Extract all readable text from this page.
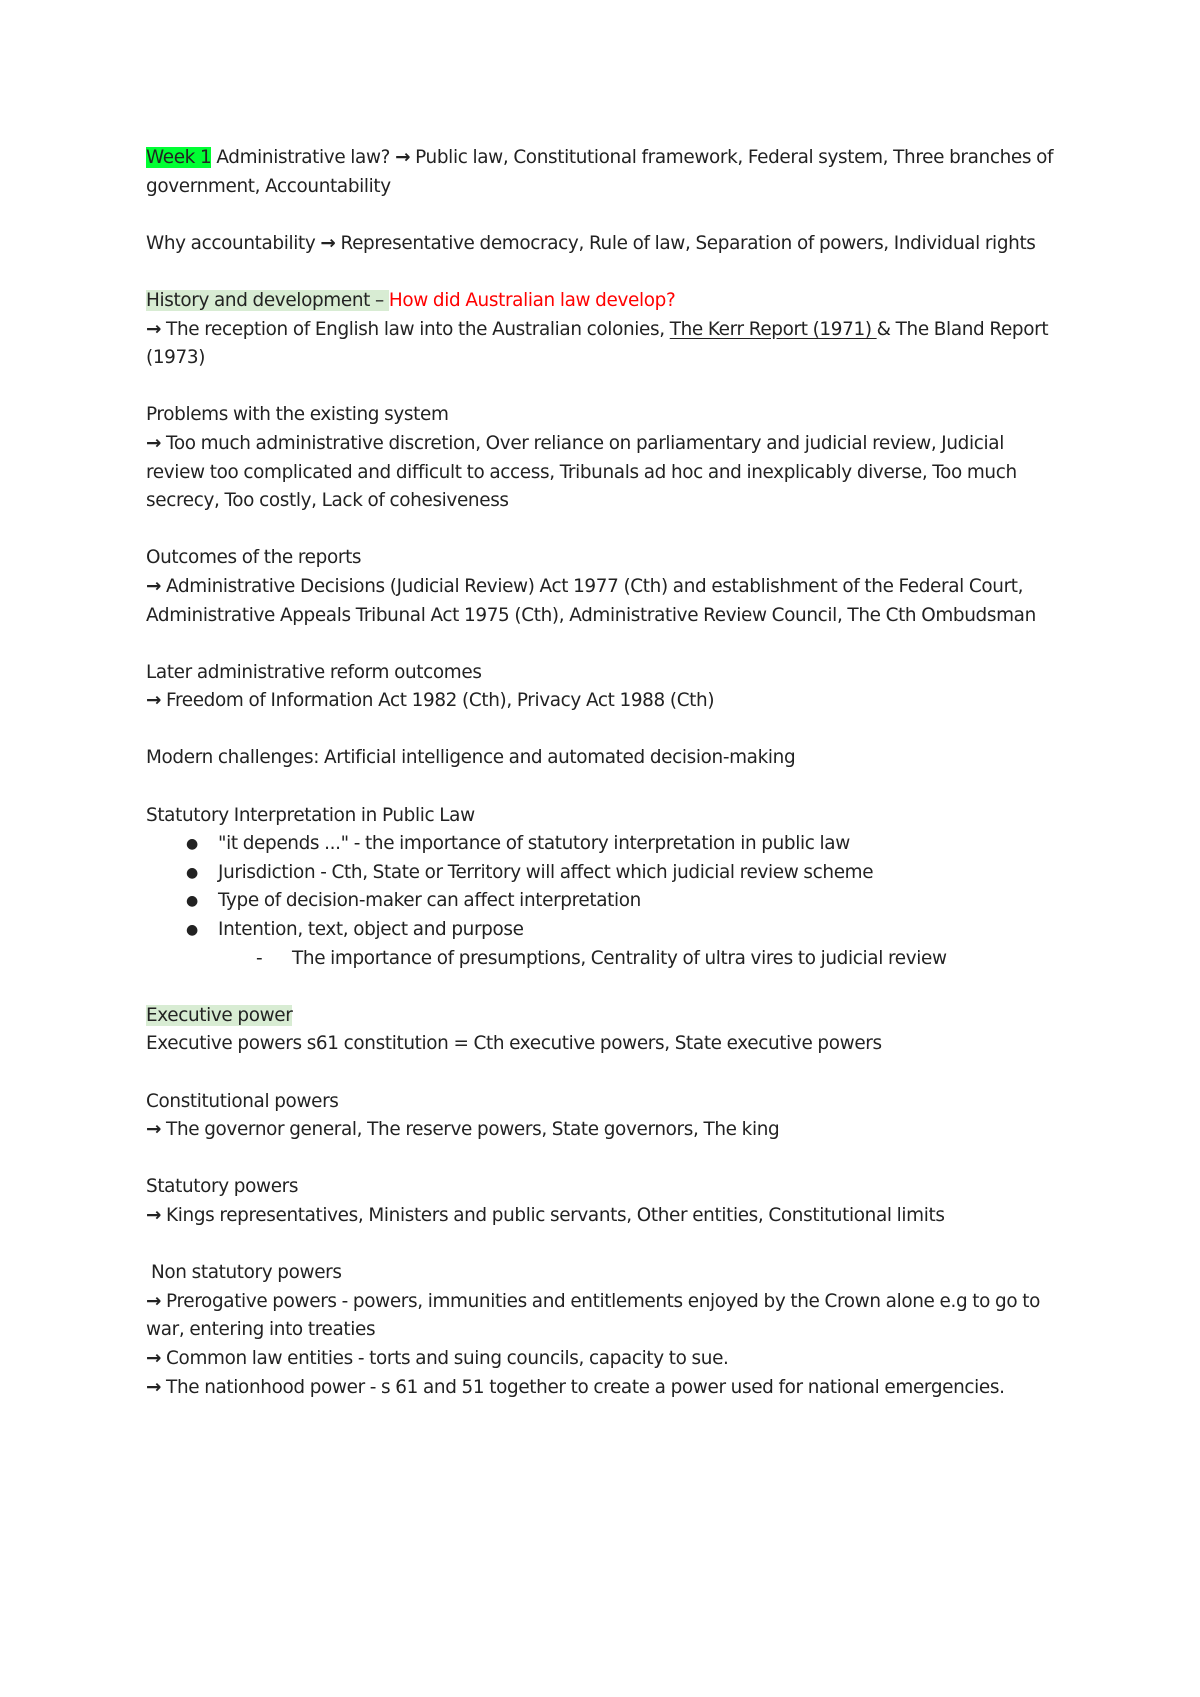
Week 1 Administrative law? → Public law, Constitutional framework, Federal system, Three branches of government, Accountability

Why accountability → Representative democracy, Rule of law, Separation of powers, Individual rights

History and development – How did Australian law develop?
→ The reception of English law into the Australian colonies, The Kerr Report (1971) & The Bland Report (1973)

Problems with the existing system
→ Too much administrative discretion, Over reliance on parliamentary and judicial review, Judicial review too complicated and difficult to access, Tribunals ad hoc and inexplicably diverse, Too much secrecy, Too costly, Lack of cohesiveness

Outcomes of the reports
→ Administrative Decisions (Judicial Review) Act 1977 (Cth) and establishment of the Federal Court, Administrative Appeals Tribunal Act 1975 (Cth), Administrative Review Council, The Cth Ombudsman

Later administrative reform outcomes
→ Freedom of Information Act 1982 (Cth), Privacy Act 1988 (Cth)

Modern challenges: Artificial intelligence and automated decision-making

Statutory Interpretation in Public Law
● "it depends ..." - the importance of statutory interpretation in public law
● Jurisdiction - Cth, State or Territory will affect which judicial review scheme
● Type of decision-maker can affect interpretation
● Intention, text, object and purpose
- The importance of presumptions, Centrality of ultra vires to judicial review

Executive power
Executive powers s61 constitution = Cth executive powers, State executive powers

Constitutional powers
→ The governor general, The reserve powers, State governors, The king

Statutory powers
→ Kings representatives, Ministers and public servants, Other entities, Constitutional limits

Non statutory powers
→ Prerogative powers - powers, immunities and entitlements enjoyed by the Crown alone e.g to go to war, entering into treaties
→ Common law entities - torts and suing councils, capacity to sue.
→ The nationhood power - s 61 and 51 together to create a power used for national emergencies.
